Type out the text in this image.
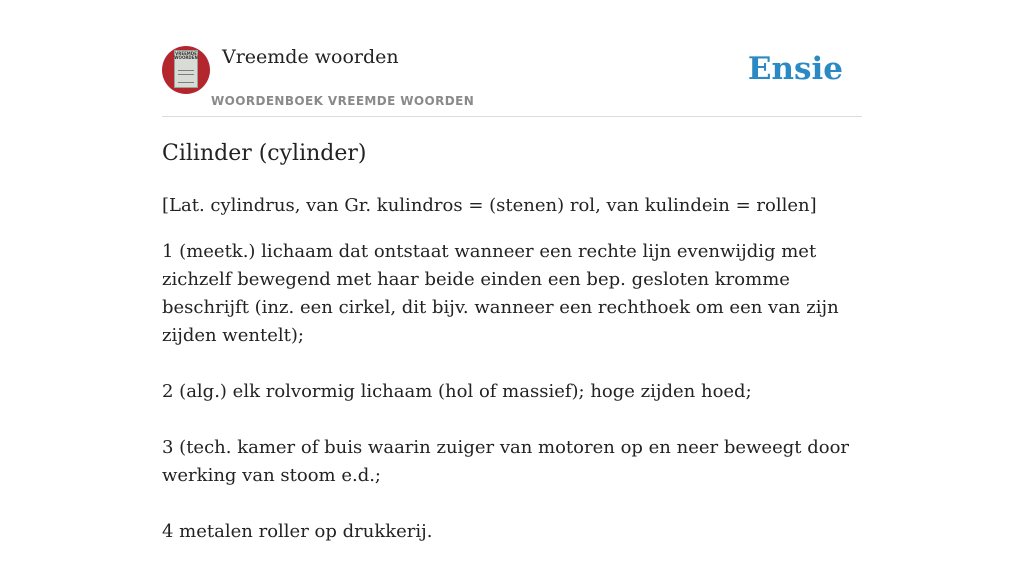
VREEMDE WOORDEN Vreemde woorden
WOORDENBOEK VREEMDE WOORDEN
Ensie
Cilinder (cylinder)

[Lat. cylindrus, van Gr. kulindros = (stenen) rol, van kulindein = rollen]

1 (meetk.) lichaam dat ontstaat wanneer een rechte lijn evenwijdig met zichzelf bewegend met haar beide einden een bep. gesloten kromme beschrijft (inz. een cirkel, dit bijv. wanneer een rechthoek om een van zijn zijden wentelt);

2 (alg.) elk rolvormig lichaam (hol of massief); hoge zijden hoed;

3 (tech. kamer of buis waarin zuiger van motoren op en neer beweegt door werking van stoom e.d.;

4 metalen roller op drukkerij.
